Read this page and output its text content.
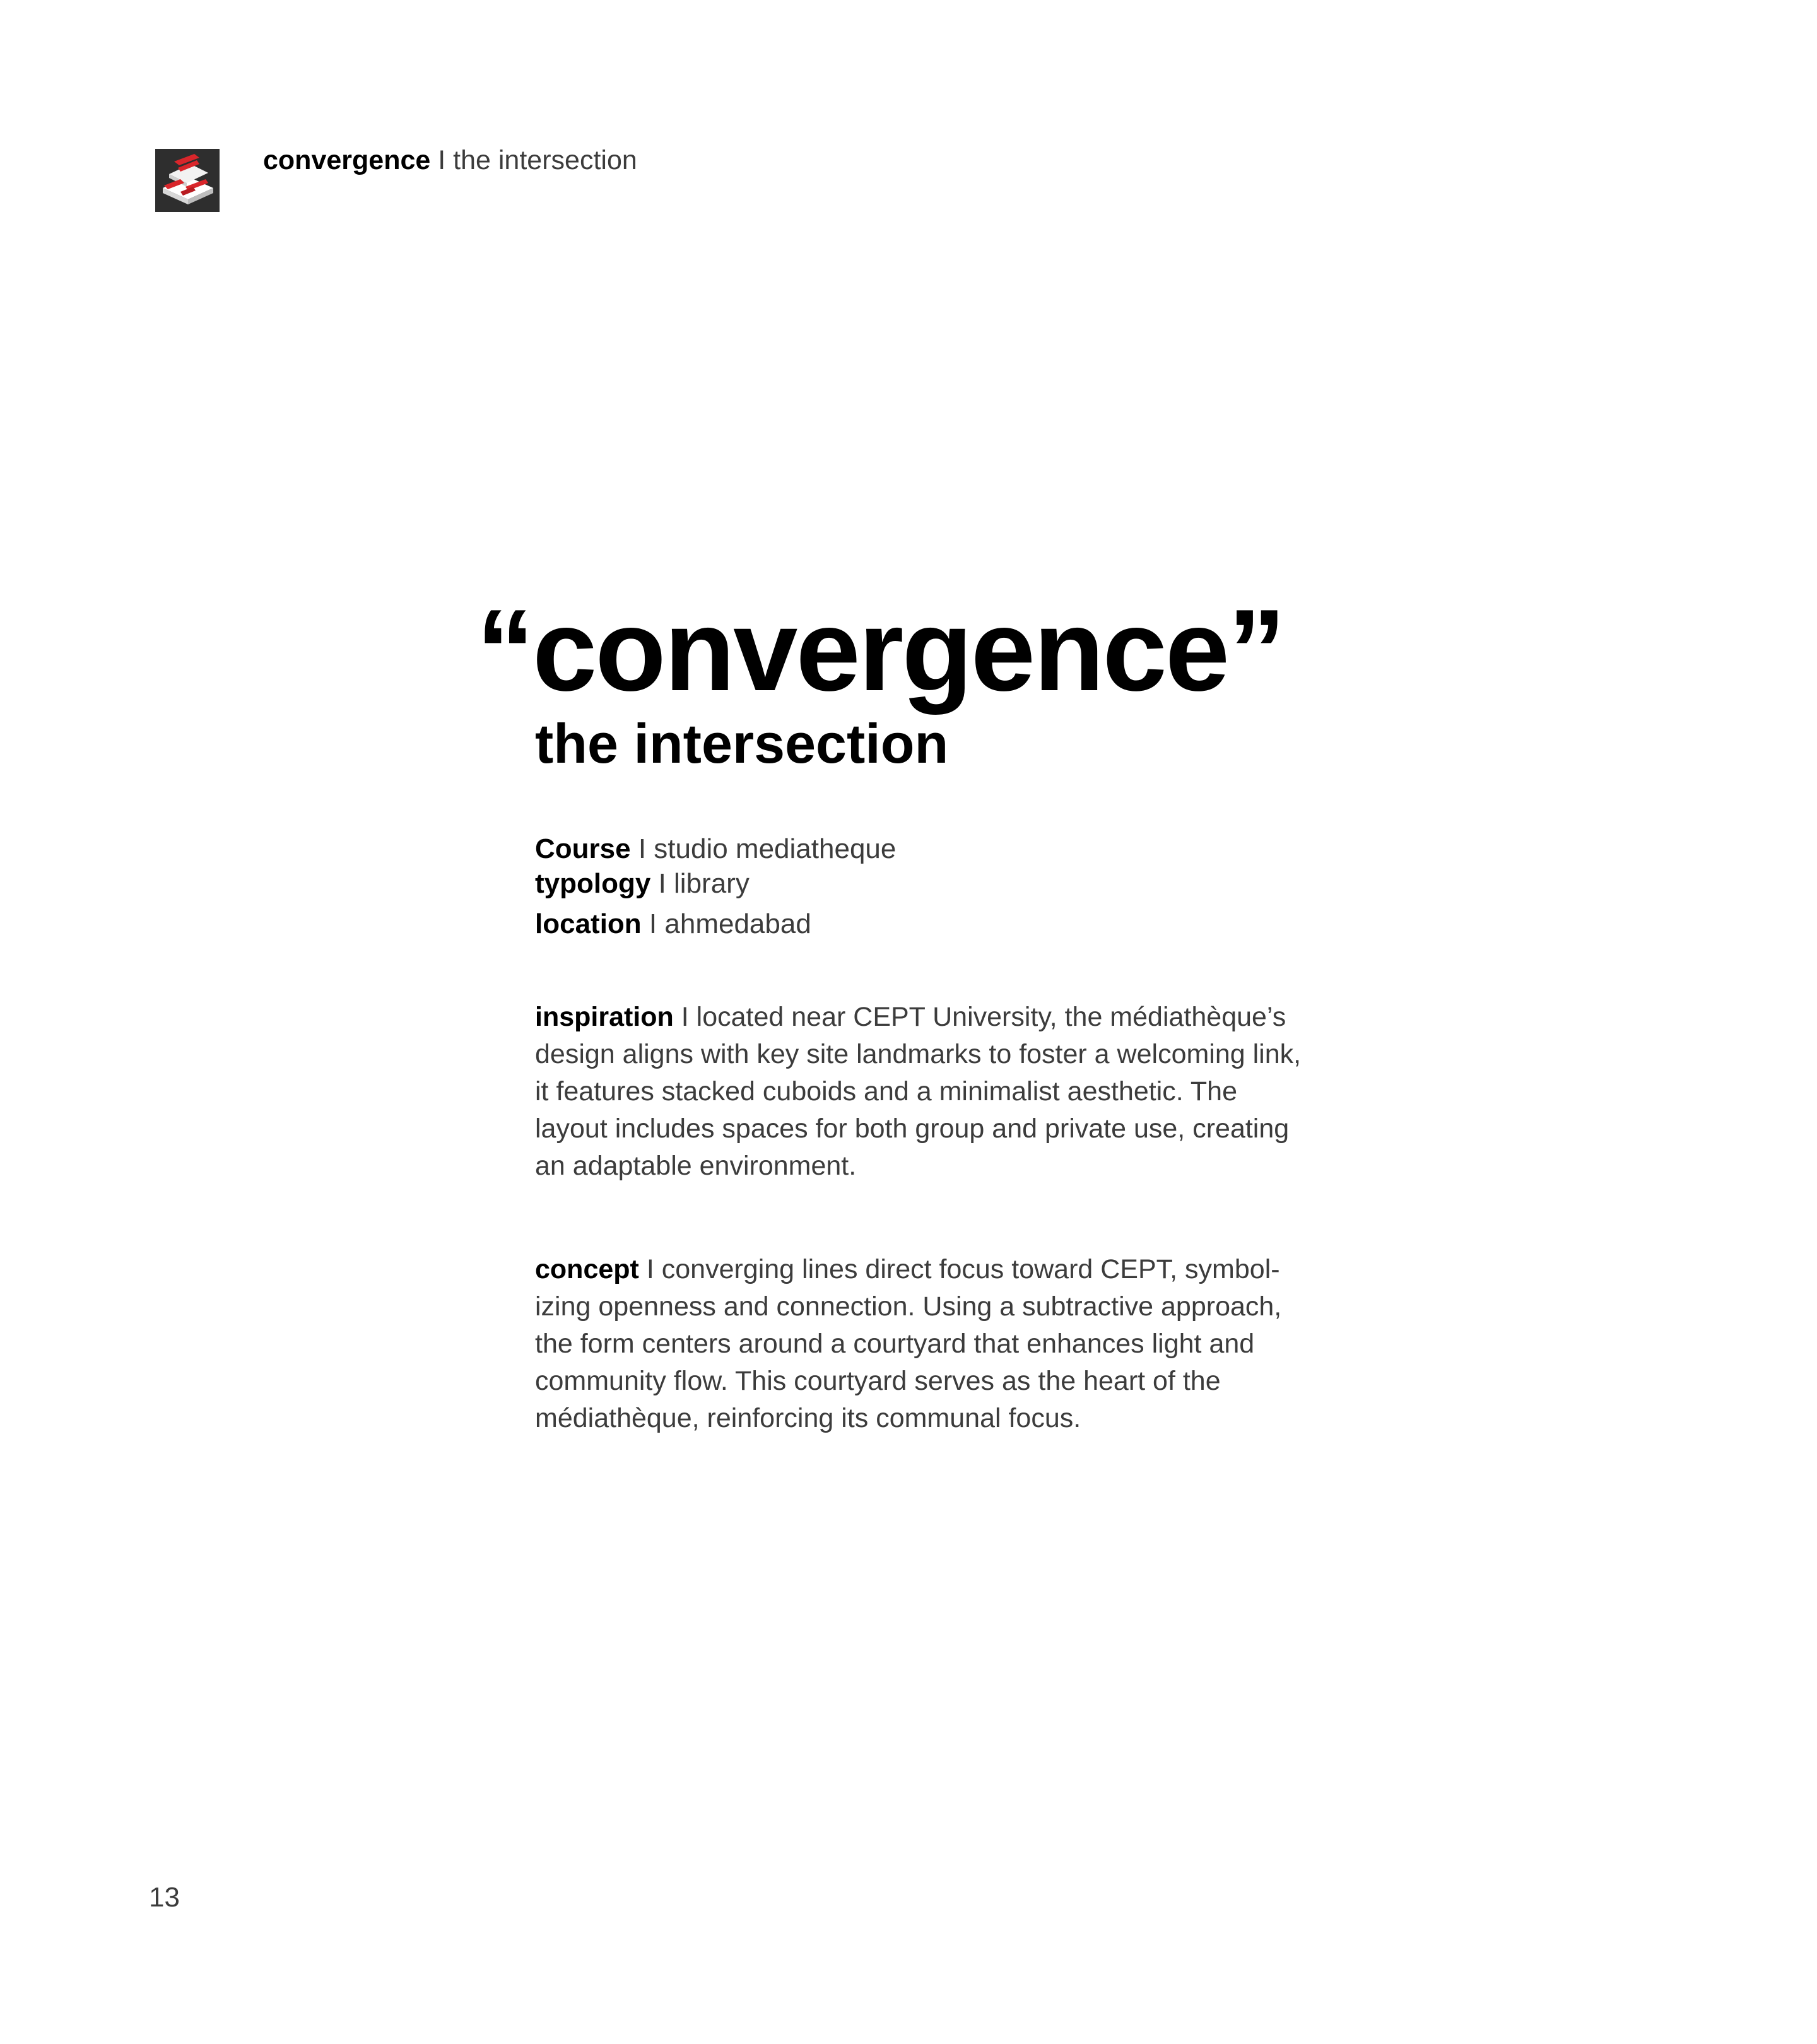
convergence I the intersection
“convergence”
the intersection
Course I studio mediatheque
typology I library
location I ahmedabad
inspiration I located near CEPT University, the médiathèque’s design aligns with key site landmarks to foster a welcoming link, it features stacked cuboids and a minimalist aesthetic. The layout includes spaces for both group and private use, creating an adaptable environment.
concept I converging lines direct focus toward CEPT, symbol-izing openness and connection. Using a subtractive approach, the form centers around a courtyard that enhances light and community flow. This courtyard serves as the heart of the médiathèque, reinforcing its communal focus.
13
